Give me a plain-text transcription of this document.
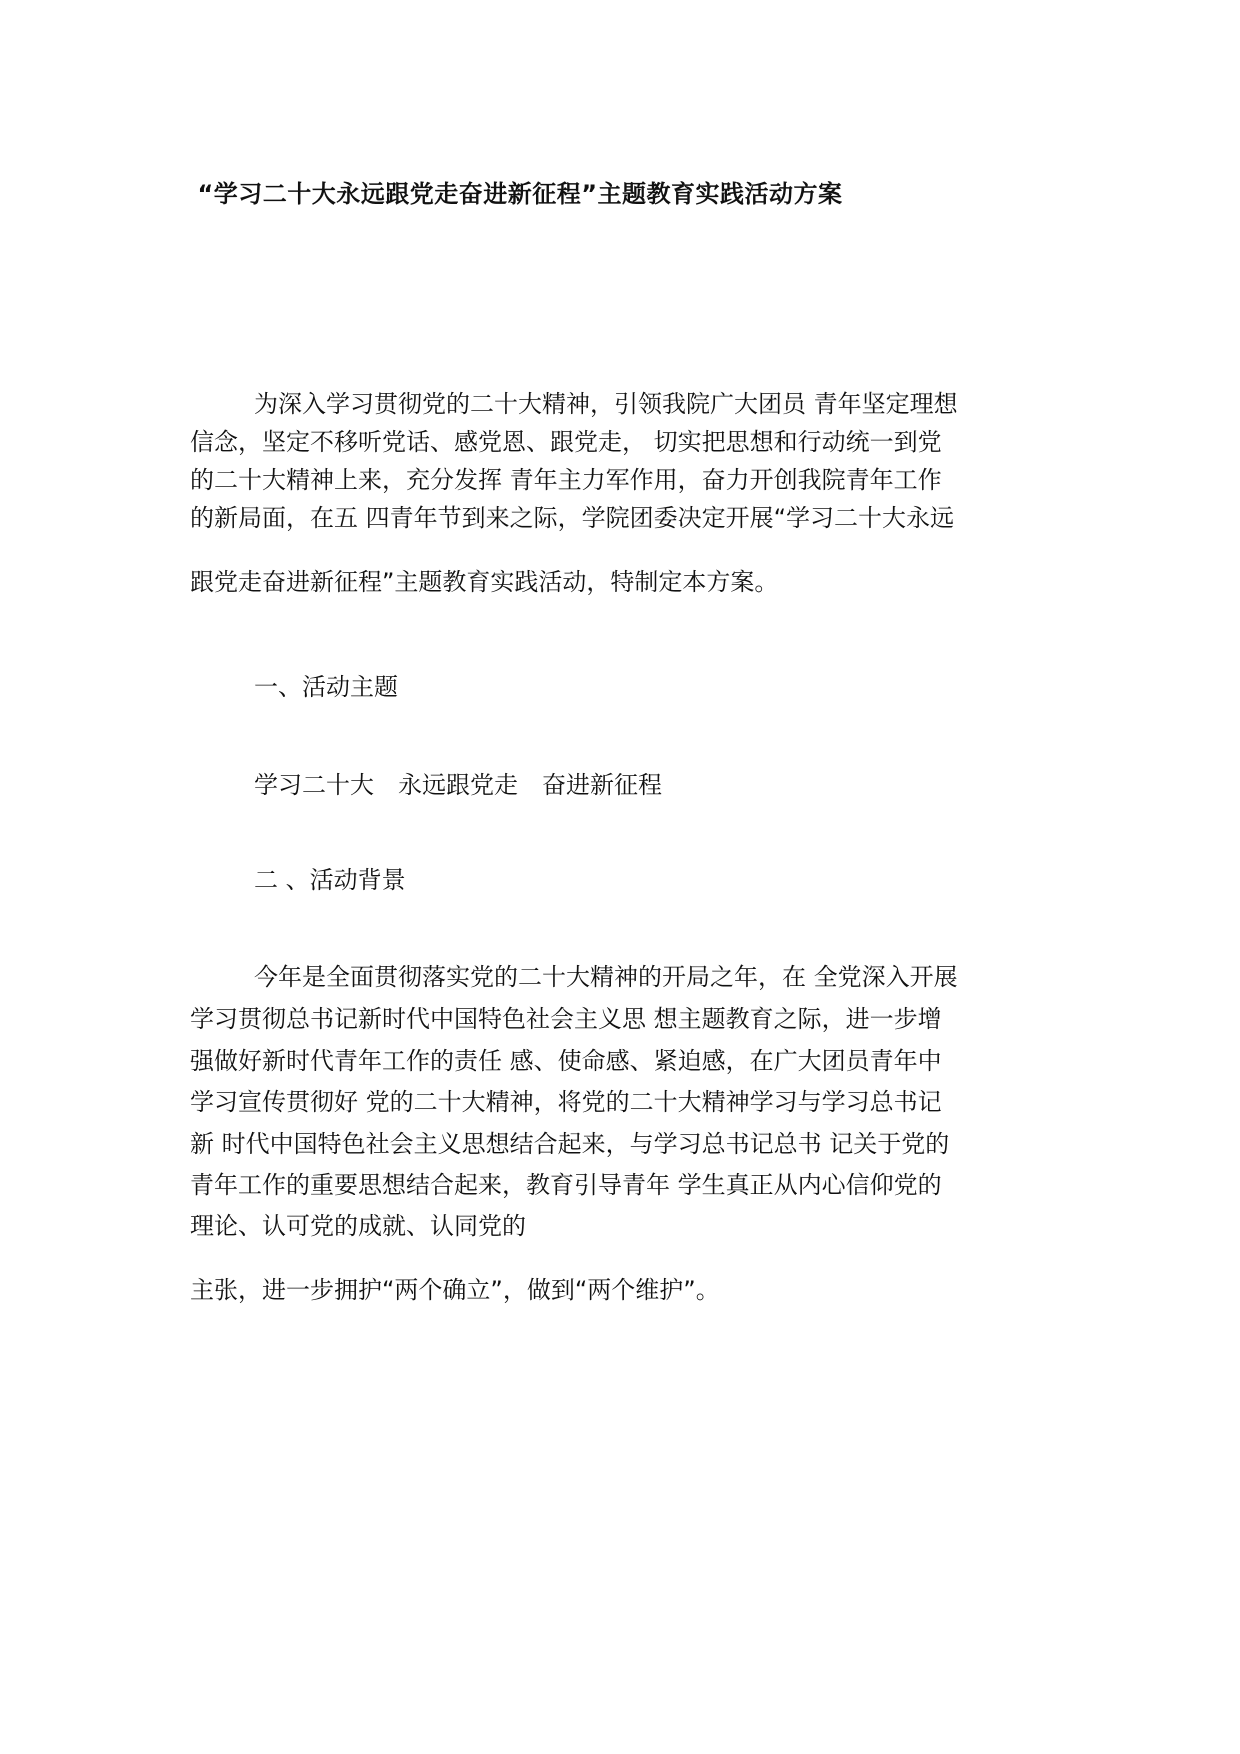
“学习二十大永远跟党走奋进新征程”主题教育实践活动方案
为深入学习贯彻党的二十大精神，引领我院广大团员 青年坚定理想
信念，坚定不移听党话、感党恩、跟党走， 切实把思想和行动统一到党
的二十大精神上来，充分发挥 青年主力军作用，奋力开创我院青年工作
的新局面，在五 四青年节到来之际，学院团委决定开展“学习二十大永远
跟党走奋进新征程”主题教育实践活动，特制定本方案。
一、活动主题
学习二十大　永远跟党走　奋进新征程
二 、活动背景
今年是全面贯彻落实党的二十大精神的开局之年，在 全党深入开展
学习贯彻总书记新时代中国特色社会主义思 想主题教育之际，进一步增
强做好新时代青年工作的责任 感、使命感、紧迫感，在广大团员青年中
学习宣传贯彻好 党的二十大精神，将党的二十大精神学习与学习总书记
新 时代中国特色社会主义思想结合起来，与学习总书记总书 记关于党的
青年工作的重要思想结合起来，教育引导青年 学生真正从内心信仰党的
理论、认可党的成就、认同党的
主张，进一步拥护“两个确立”，做到“两个维护”。
